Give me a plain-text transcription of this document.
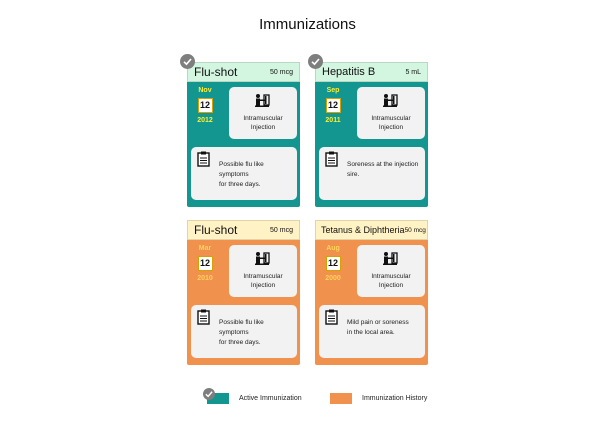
Immunizations
Flu-shot	50 mcg
Nov
12
2012	Intramuscular
Injection
Possible flu like symptoms
for three days.
Hepatitis B	5 mL
Sep
12
2011	Intramuscular
Injection
Soreness at the injection
sire.
Flu-shot	50 mcg
Mar
12
2010	Intramuscular
Injection
Possible flu like symptoms
for three days.
Tetanus & Diphtheria 50 mcg
Aug
12
2000	Intramuscular
Injection
Mild pain or soreness
in the local area.
Active Immunization	Immunization History
